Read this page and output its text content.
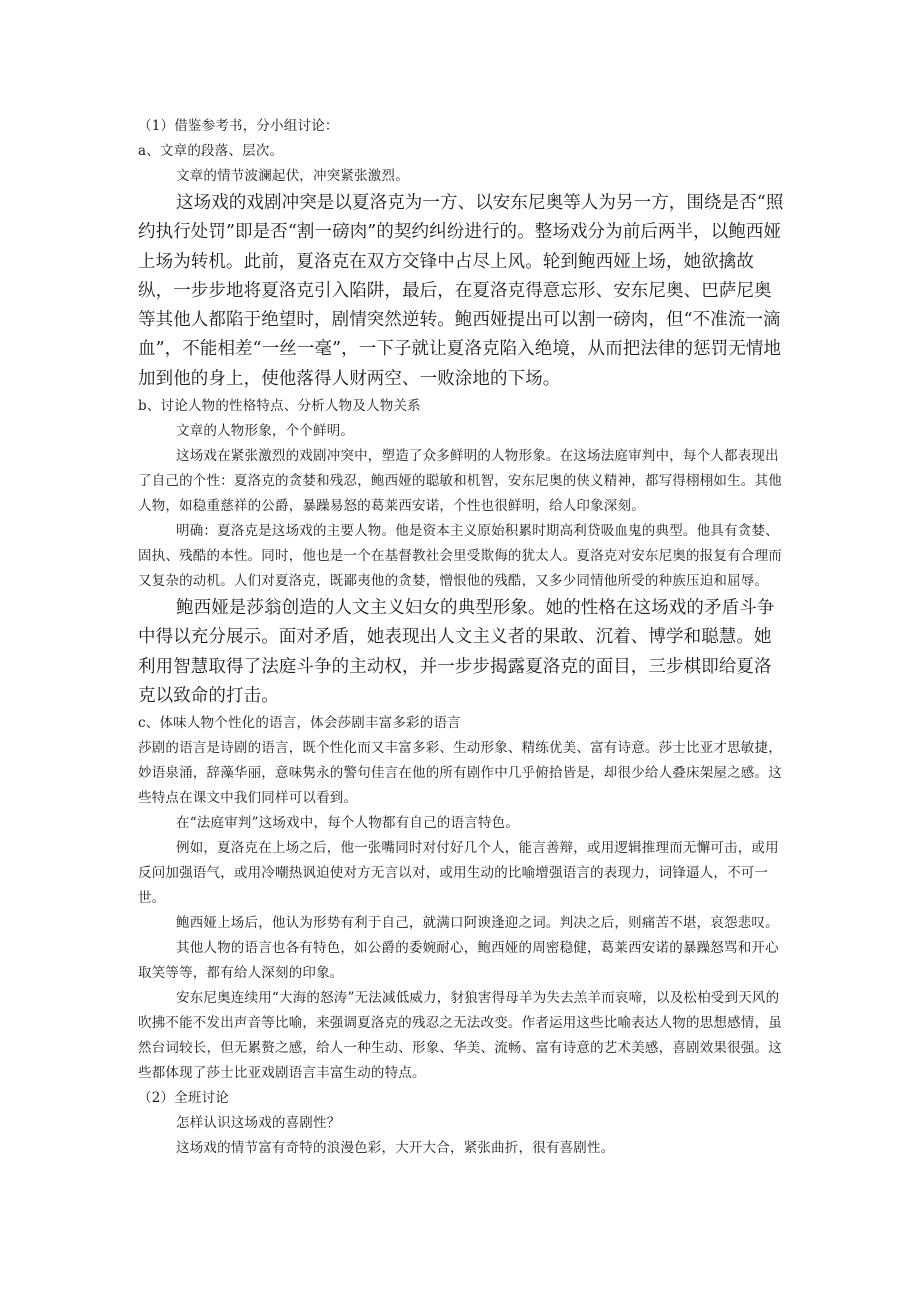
（1）借鉴参考书，分小组讨论：

a、文章的段落、层次。

文章的情节波澜起伏，冲突紧张激烈。

这场戏的戏剧冲突是以夏洛克为一方、以安东尼奥等人为另一方，围绕是否“照约执行处罚”即是否“割一磅肉”的契约纠纷进行的。整场戏分为前后两半，以鲍西娅上场为转机。此前，夏洛克在双方交锋中占尽上风。轮到鲍西娅上场，她欲擒故纵，一步步地将夏洛克引入陷阱，最后，在夏洛克得意忘形、安东尼奥、巴萨尼奥等其他人都陷于绝望时，剧情突然逆转。鲍西娅提出可以割一磅肉，但“不准流一滴血”，不能相差“一丝一毫”，一下子就让夏洛克陷入绝境，从而把法律的惩罚无情地加到他的身上，使他落得人财两空、一败涂地的下场。

b、讨论人物的性格特点、分析人物及人物关系

文章的人物形象，个个鲜明。

这场戏在紧张激烈的戏剧冲突中，塑造了众多鲜明的人物形象。在这场法庭审判中，每个人都表现出了自己的个性：夏洛克的贪婪和残忍，鲍西娅的聪敏和机智，安东尼奥的侠义精神，都写得栩栩如生。其他人物，如稳重慈祥的公爵，暴躁易怒的葛莱西安诺，个性也很鲜明，给人印象深刻。

明确：夏洛克是这场戏的主要人物。他是资本主义原始积累时期高利贷吸血鬼的典型。他具有贪婪、固执、残酷的本性。同时，他也是一个在基督教社会里受欺侮的犹太人。夏洛克对安东尼奥的报复有合理而又复杂的动机。人们对夏洛克，既鄙夷他的贪婪，憎恨他的残酷，又多少同情他所受的种族压迫和屈辱。

鲍西娅是莎翁创造的人文主义妇女的典型形象。她的性格在这场戏的矛盾斗争中得以充分展示。面对矛盾，她表现出人文主义者的果敢、沉着、博学和聪慧。她利用智慧取得了法庭斗争的主动权，并一步步揭露夏洛克的面目，三步棋即给夏洛克以致命的打击。

c、体味人物个性化的语言，体会莎剧丰富多彩的语言

莎剧的语言是诗剧的语言，既个性化而又丰富多彩、生动形象、精练优美、富有诗意。莎士比亚才思敏捷，妙语泉涌，辞藻华丽，意味隽永的警句佳言在他的所有剧作中几乎俯拾皆是，却很少给人叠床架屋之感。这些特点在课文中我们同样可以看到。

在“法庭审判”这场戏中，每个人物都有自己的语言特色。

例如，夏洛克在上场之后，他一张嘴同时对付好几个人，能言善辩，或用逻辑推理而无懈可击，或用反问加强语气，或用冷嘲热讽迫使对方无言以对，或用生动的比喻增强语言的表现力，词锋逼人，不可一世。

鲍西娅上场后，他认为形势有利于自己，就满口阿谀逢迎之词。判决之后，则痛苦不堪，哀怨悲叹。

其他人物的语言也各有特色，如公爵的委婉耐心，鲍西娅的周密稳健，葛莱西安诺的暴躁怒骂和开心取笑等等，都有给人深刻的印象。

安东尼奥连续用“大海的怒涛”无法减低威力，豺狼害得母羊为失去羔羊而哀啼，以及松柏受到天风的吹拂不能不发出声音等比喻，来强调夏洛克的残忍之无法改变。作者运用这些比喻表达人物的思想感情，虽然台词较长，但无累赘之感，给人一种生动、形象、华美、流畅、富有诗意的艺术美感，喜剧效果很强。这些都体现了莎士比亚戏剧语言丰富生动的特点。

（2）全班讨论

怎样认识这场戏的喜剧性？

这场戏的情节富有奇特的浪漫色彩，大开大合，紧张曲折，很有喜剧性。
